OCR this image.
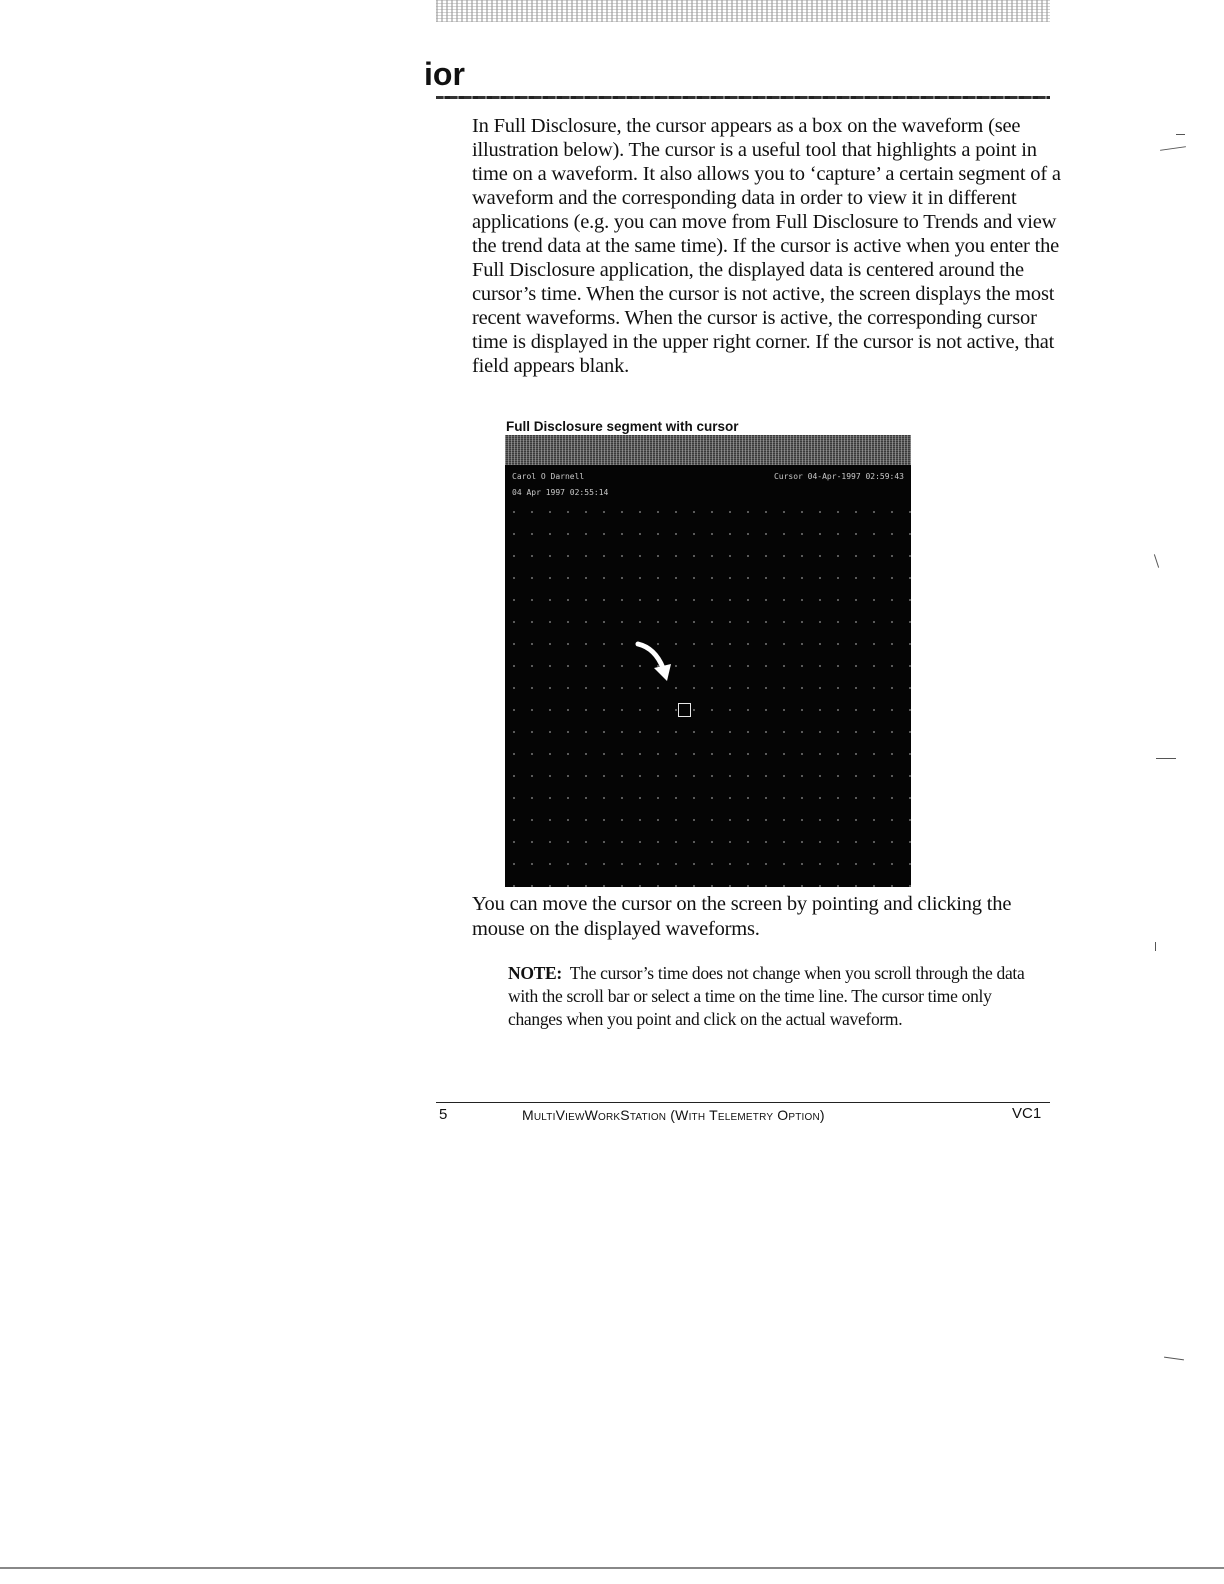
ior

In Full Disclosure, the cursor appears as a box on the waveform (see illustration below). The cursor is a useful tool that highlights a point in time on a waveform. It also allows you to ‘capture’ a certain segment of a waveform and the corresponding data in order to view it in different applications (e.g. you can move from Full Disclosure to Trends and view the trend data at the same time). If the cursor is active when you enter the Full Disclosure application, the displayed data is centered around the cursor’s time. When the cursor is not active, the screen displays the most recent waveforms. When the cursor is active, the corresponding cursor time is displayed in the upper right corner. If the cursor is not active, that field appears blank.

Full Disclosure segment with cursor

Carol O Darnell	Cursor 04-Apr-1997 02:59:43
04 Apr 1997 02:55:14

You can move the cursor on the screen by pointing and clicking the mouse on the displayed waveforms.

NOTE: The cursor’s time does not change when you scroll through the data with the scroll bar or select a time on the time line. The cursor time only changes when you point and click on the actual waveform.

5	MultiViewWorkStation (With Telemetry Option)	VC1
